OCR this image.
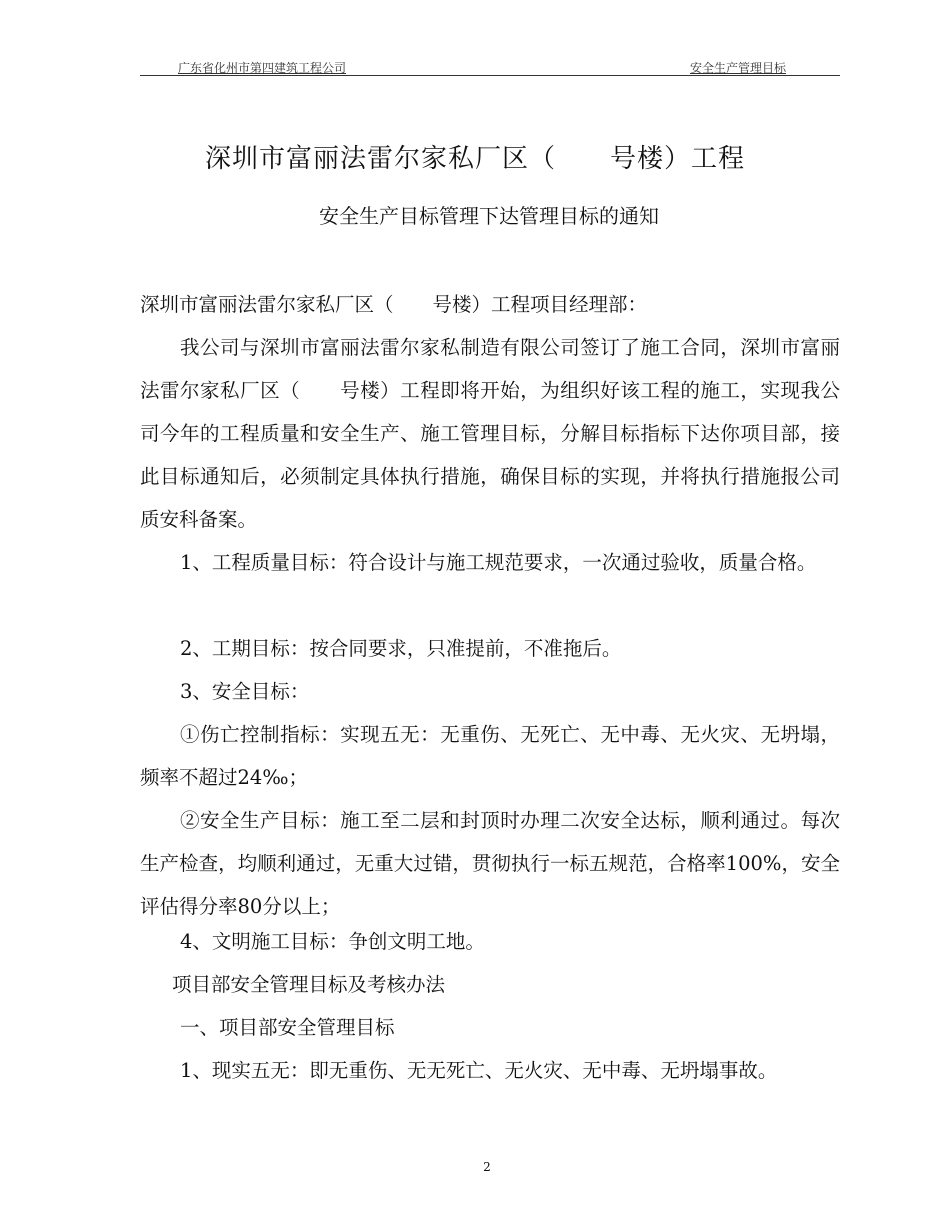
广东省化州市第四建筑工程公司	安全生产管理目标
深圳市富丽法雷尔家私厂区（　　号楼）工程
安全生产目标管理下达管理目标的通知

深圳市富丽法雷尔家私厂区（　　号楼）工程项目经理部：

我公司与深圳市富丽法雷尔家私制造有限公司签订了施工合同，深圳市富丽法雷尔家私厂区（　　号楼）工程即将开始，为组织好该工程的施工，实现我公司今年的工程质量和安全生产、施工管理目标，分解目标指标下达你项目部，接此目标通知后，必须制定具体执行措施，确保目标的实现，并将执行措施报公司质安科备案。

1、工程质量目标：符合设计与施工规范要求，一次通过验收，质量合格。

2、工期目标：按合同要求，只准提前，不准拖后。

3、安全目标：

①伤亡控制指标：实现五无：无重伤、无死亡、无中毒、无火灾、无坍塌，频率不超过24‰；

②安全生产目标：施工至二层和封顶时办理二次安全达标，顺利通过。每次生产检查，均顺利通过，无重大过错，贯彻执行一标五规范，合格率100%，安全评估得分率80分以上；

4、文明施工目标：争创文明工地。

项目部安全管理目标及考核办法

一、项目部安全管理目标

1、现实五无：即无重伤、无无死亡、无火灾、无中毒、无坍塌事故。

2
